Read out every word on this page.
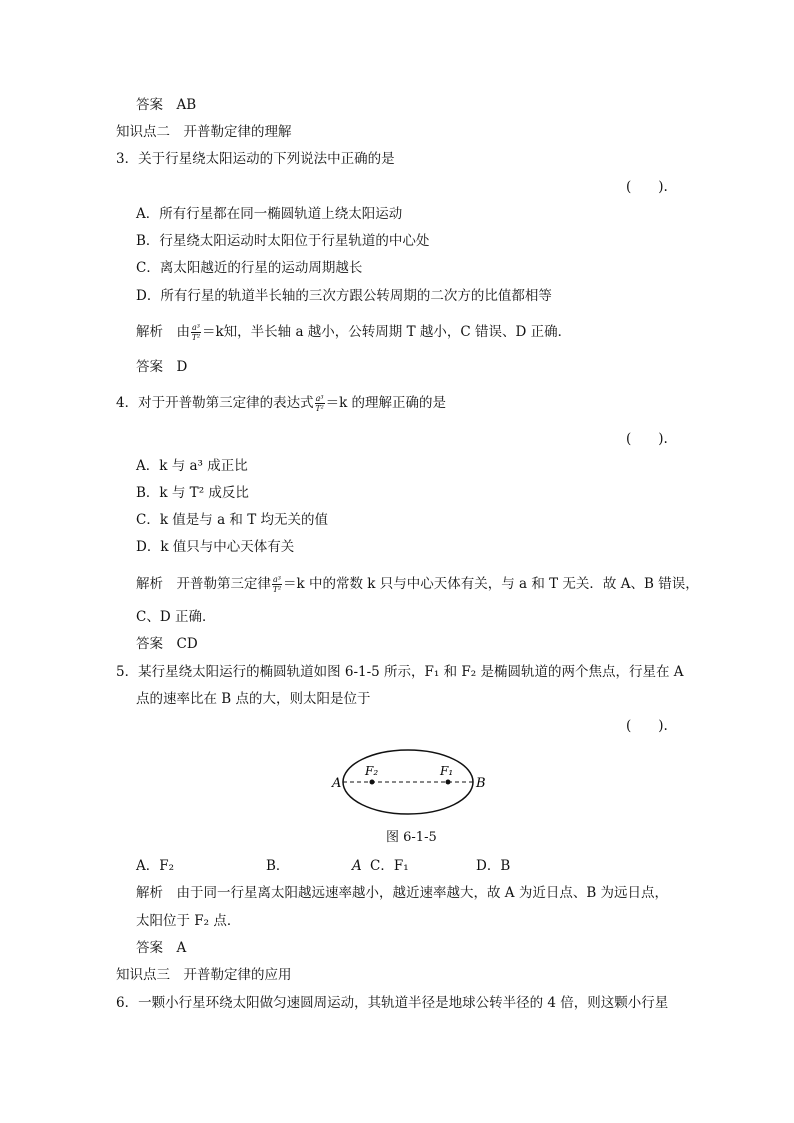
答案　AB
知识点二　开普勒定律的理解
3．关于行星绕太阳运动的下列说法中正确的是
(　　).
A．所有行星都在同一椭圆轨道上绕太阳运动
B．行星绕太阳运动时太阳位于行星轨道的中心处
C．离太阳越近的行星的运动周期越长
D．所有行星的轨道半长轴的三次方跟公转周期的二次方的比值都相等
解析　由 $\frac{\text{a³}}{\text{T²}} =k$知，半长轴 a 越小，公转周期 T 越小，C 错误、D 正确．
答案　D
4．对于开普勒第三定律的表达式 $\frac{\text{a³}}{\text{T²}} =k$ 的理解正确的是
(　　).
A．k 与 a³ 成正比
B．k 与 T² 成反比
C．k 值是与 a 和 T 均无关的值
D．k 值只与中心天体有关
解析　开普勒第三定律 $\frac{\text{a³}}{\text{T²}} =k$ 中的常数 k 只与中心天体有关，与 a 和 T 无关．故 A、B 错误，
C、D 正确．
答案　CD
5．某行星绕太阳运行的椭圆轨道如图 6-1-5 所示，F₁ 和 F₂ 是椭圆轨道的两个焦点，行星在 A
点的速率比在 B 点的大，则太阳是位于
(　　).
A	B
F₂	F₁
图 6-1-5
A．F₂	B．	A C．F₁	D．B
解析　由于同一行星离太阳越远速率越小，越近速率越大，故 A 为近日点、B 为远日点，
太阳位于 F₂ 点．
答案　A
知识点三　开普勒定律的应用
6．一颗小行星环绕太阳做匀速圆周运动，其轨道半径是地球公转半径的 4 倍，则这颗小行星
